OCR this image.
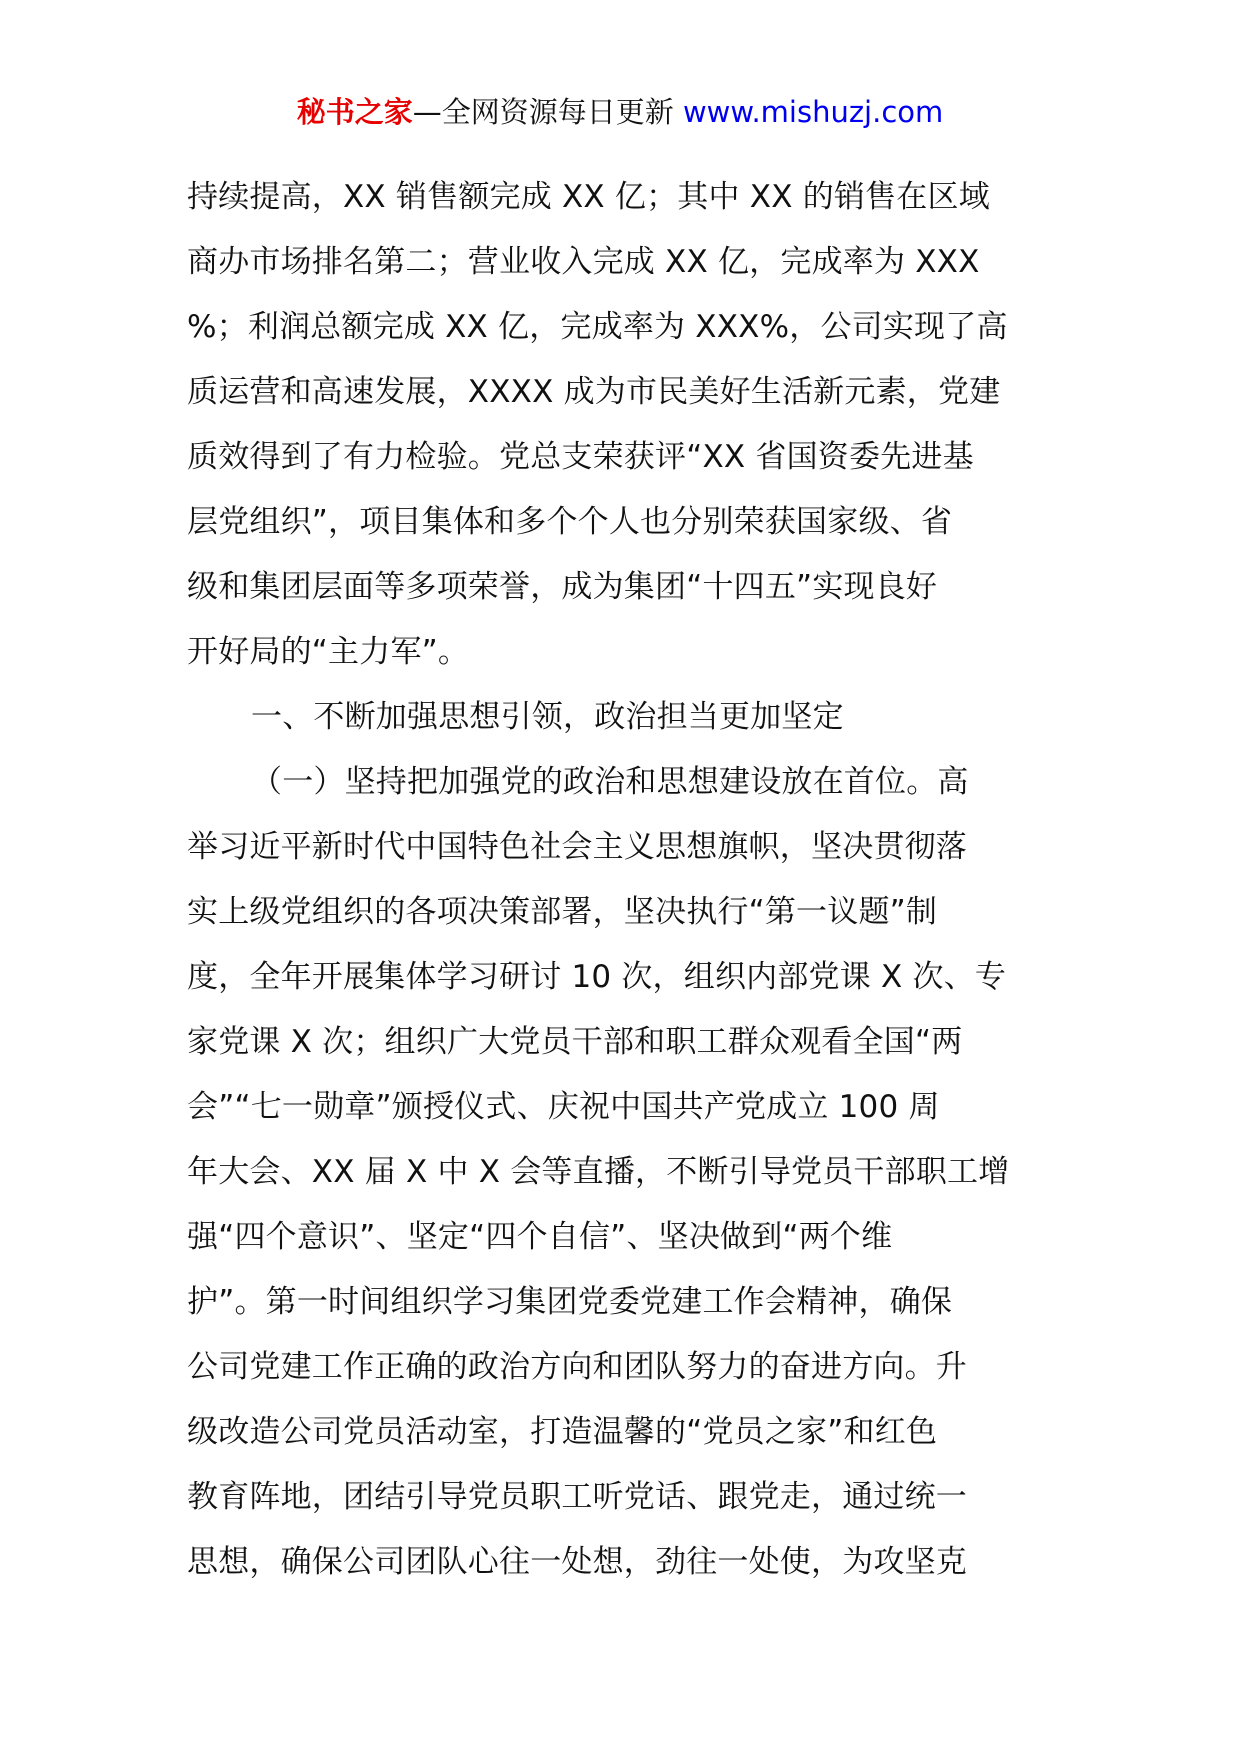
秘书之家—全网资源每日更新 www.mishuzj.com
持续提高，XX 销售额完成 XX 亿；其中 XX 的销售在区域
商办市场排名第二；营业收入完成 XX 亿，完成率为 XXX
%；利润总额完成 XX 亿，完成率为 XXX%，公司实现了高
质运营和高速发展，XXXX 成为市民美好生活新元素，党建
质效得到了有力检验。党总支荣获评“XX 省国资委先进基
层党组织”，项目集体和多个个人也分别荣获国家级、省
级和集团层面等多项荣誉，成为集团“十四五”实现良好
开好局的“主力军”。
一、不断加强思想引领，政治担当更加坚定
（一）坚持把加强党的政治和思想建设放在首位。高
举习近平新时代中国特色社会主义思想旗帜，坚决贯彻落
实上级党组织的各项决策部署，坚决执行“第一议题”制
度，全年开展集体学习研讨 10 次，组织内部党课 X 次、专
家党课 X 次；组织广大党员干部和职工群众观看全国“两
会”“七一勋章”颁授仪式、庆祝中国共产党成立 100 周
年大会、XX 届 X 中 X 会等直播，不断引导党员干部职工增
强“四个意识”、坚定“四个自信”、坚决做到“两个维
护”。第一时间组织学习集团党委党建工作会精神，确保
公司党建工作正确的政治方向和团队努力的奋进方向。升
级改造公司党员活动室，打造温馨的“党员之家”和红色
教育阵地，团结引导党员职工听党话、跟党走，通过统一
思想，确保公司团队心往一处想，劲往一处使，为攻坚克
